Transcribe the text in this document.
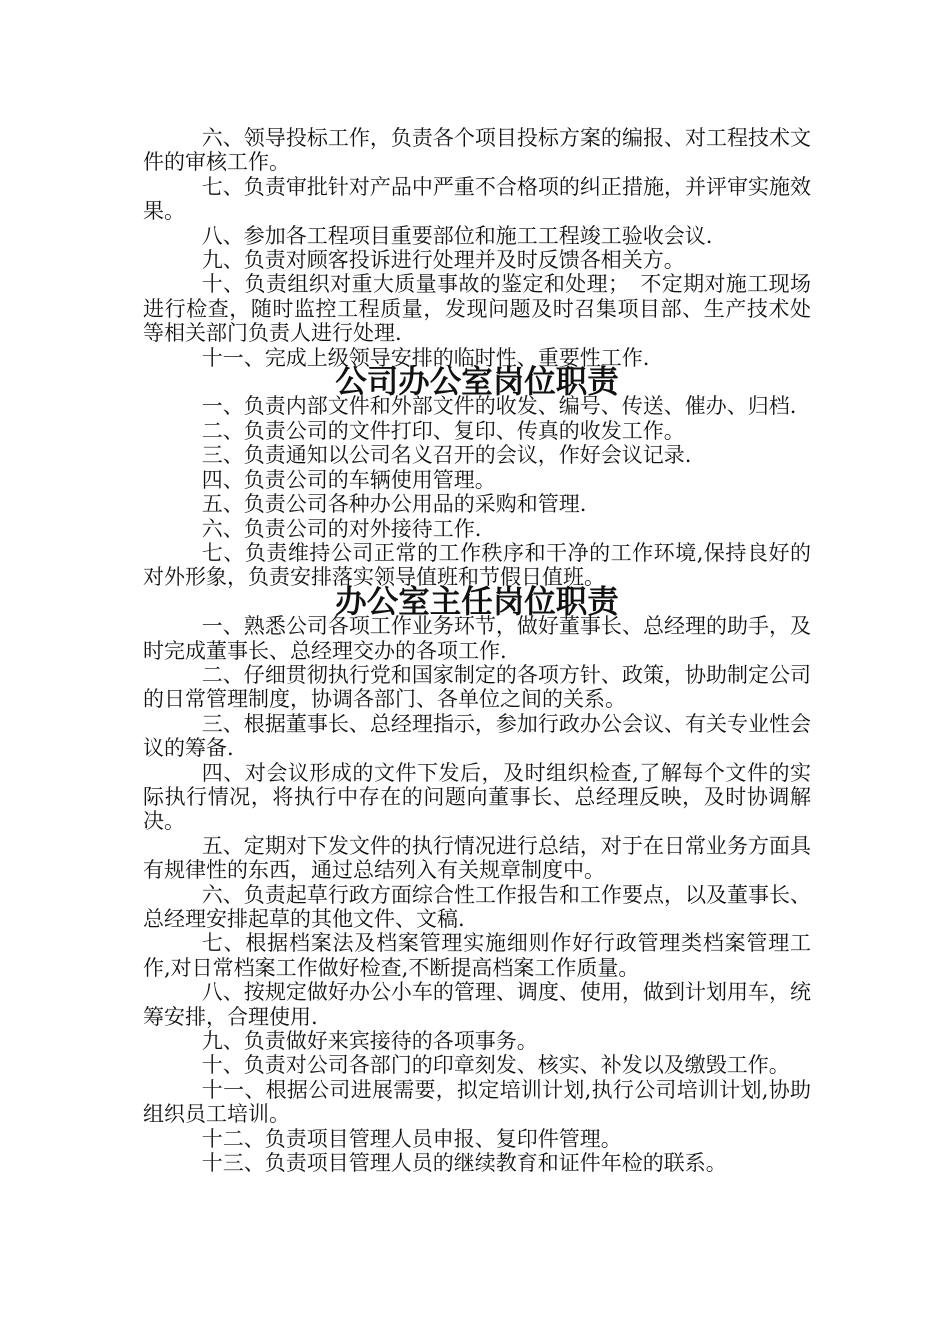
六、领导投标工作，负责各个项目投标方案的编报、对工程技术文件的审核工作。

七、负责审批针对产品中严重不合格项的纠正措施，并评审实施效果。

八、参加各工程项目重要部位和施工工程竣工验收会议.

九、负责对顾客投诉进行处理并及时反馈各相关方。

十、负责组织对重大质量事故的鉴定和处理；　不定期对施工现场进行检查，随时监控工程质量，发现问题及时召集项目部、生产技术处等相关部门负责人进行处理.

十一、完成上级领导安排的临时性、重要性工作.

公司办公室岗位职责

一、负责内部文件和外部文件的收发、编号、传送、催办、归档.

二、负责公司的文件打印、复印、传真的收发工作。

三、负责通知以公司名义召开的会议，作好会议记录.

四、负责公司的车辆使用管理。

五、负责公司各种办公用品的采购和管理.

六、负责公司的对外接待工作.

七、负责维持公司正常的工作秩序和干净的工作环境,保持良好的对外形象，负责安排落实领导值班和节假日值班。

办公室主任岗位职责

一、熟悉公司各项工作业务环节，做好董事长、总经理的助手，及时完成董事长、总经理交办的各项工作.

二、仔细贯彻执行党和国家制定的各项方针、政策，协助制定公司的日常管理制度，协调各部门、各单位之间的关系。

三、根据董事长、总经理指示，参加行政办公会议、有关专业性会议的筹备.

四、对会议形成的文件下发后，及时组织检查,了解每个文件的实际执行情况，将执行中存在的问题向董事长、总经理反映，及时协调解决。

五、定期对下发文件的执行情况进行总结，对于在日常业务方面具有规律性的东西，通过总结列入有关规章制度中。

六、负责起草行政方面综合性工作报告和工作要点，以及董事长、总经理安排起草的其他文件、文稿.

七、根据档案法及档案管理实施细则作好行政管理类档案管理工作,对日常档案工作做好检查,不断提高档案工作质量。

八、按规定做好办公小车的管理、调度、使用，做到计划用车，统筹安排，合理使用.

九、负责做好来宾接待的各项事务。

十、负责对公司各部门的印章刻发、核实、补发以及缴毁工作。

十一、根据公司进展需要，拟定培训计划,执行公司培训计划,协助组织员工培训。

十二、负责项目管理人员申报、复印件管理。

十三、负责项目管理人员的继续教育和证件年检的联系。
